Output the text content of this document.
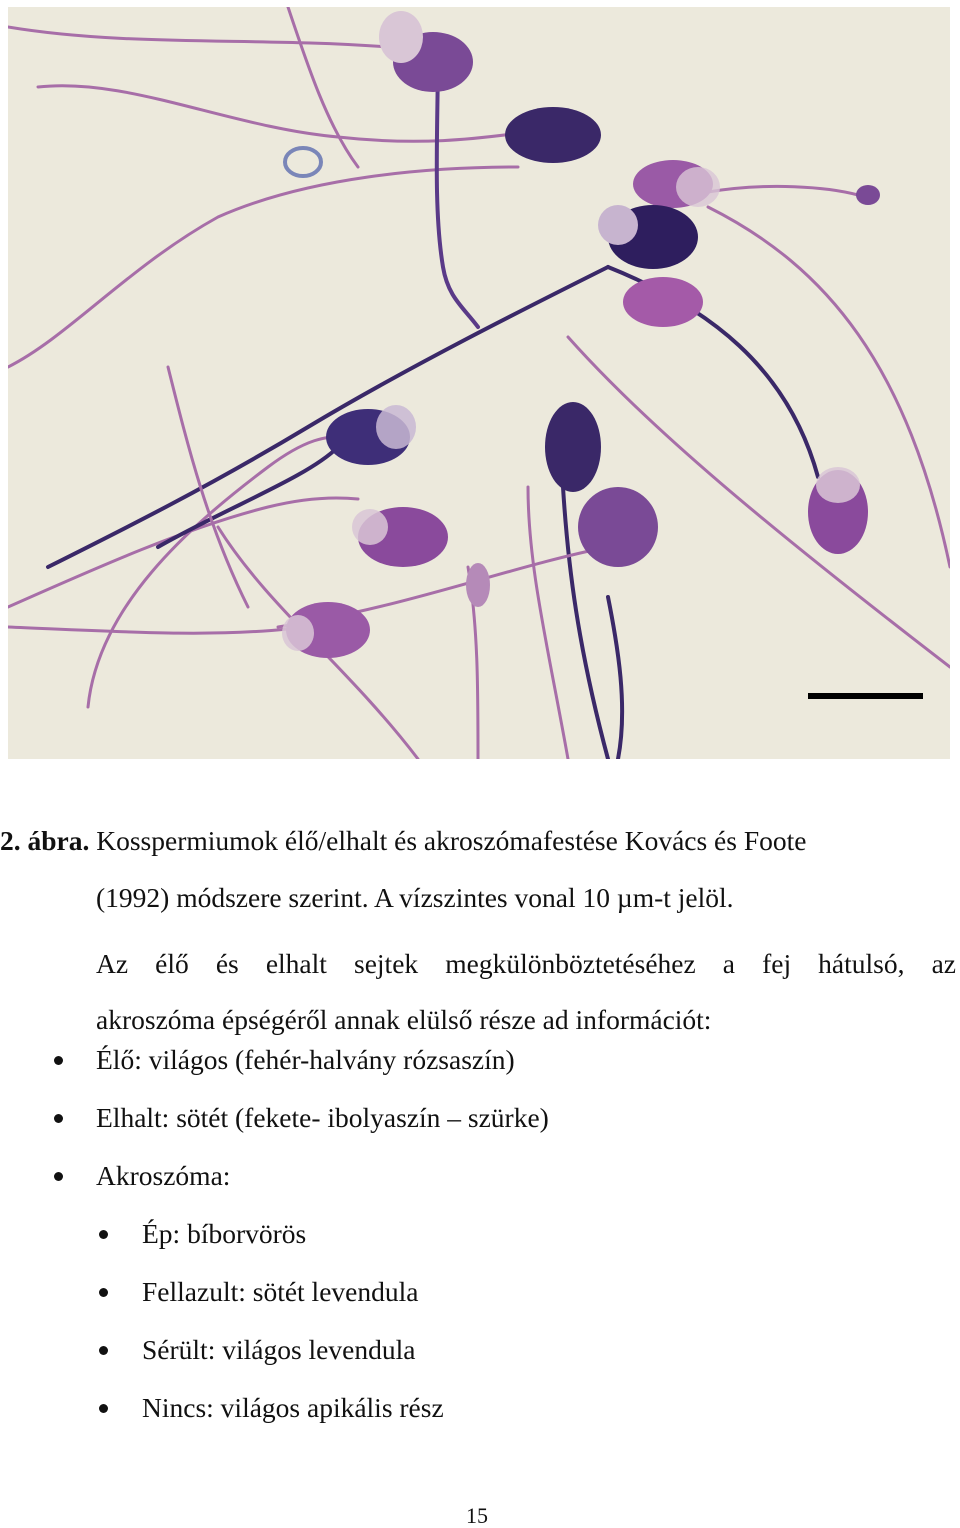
2. ábra. Kosspermiumok élő/elhalt és akroszómafestése Kovács és Foote
(1992) módszere szerint. A vízszintes vonal 10 µm-t jelöl.
Az élő és elhalt sejtek megkülönböztetéséhez a fej hátulsó, az
akroszóma épségéről annak elülső része ad információt:
Élő: világos (fehér-halvány rózsaszín)
Elhalt: sötét (fekete- ibolyaszín – szürke)
Akroszóma:
Ép: bíborvörös
Fellazult: sötét levendula
Sérült: világos levendula
Nincs: világos apikális rész
15
